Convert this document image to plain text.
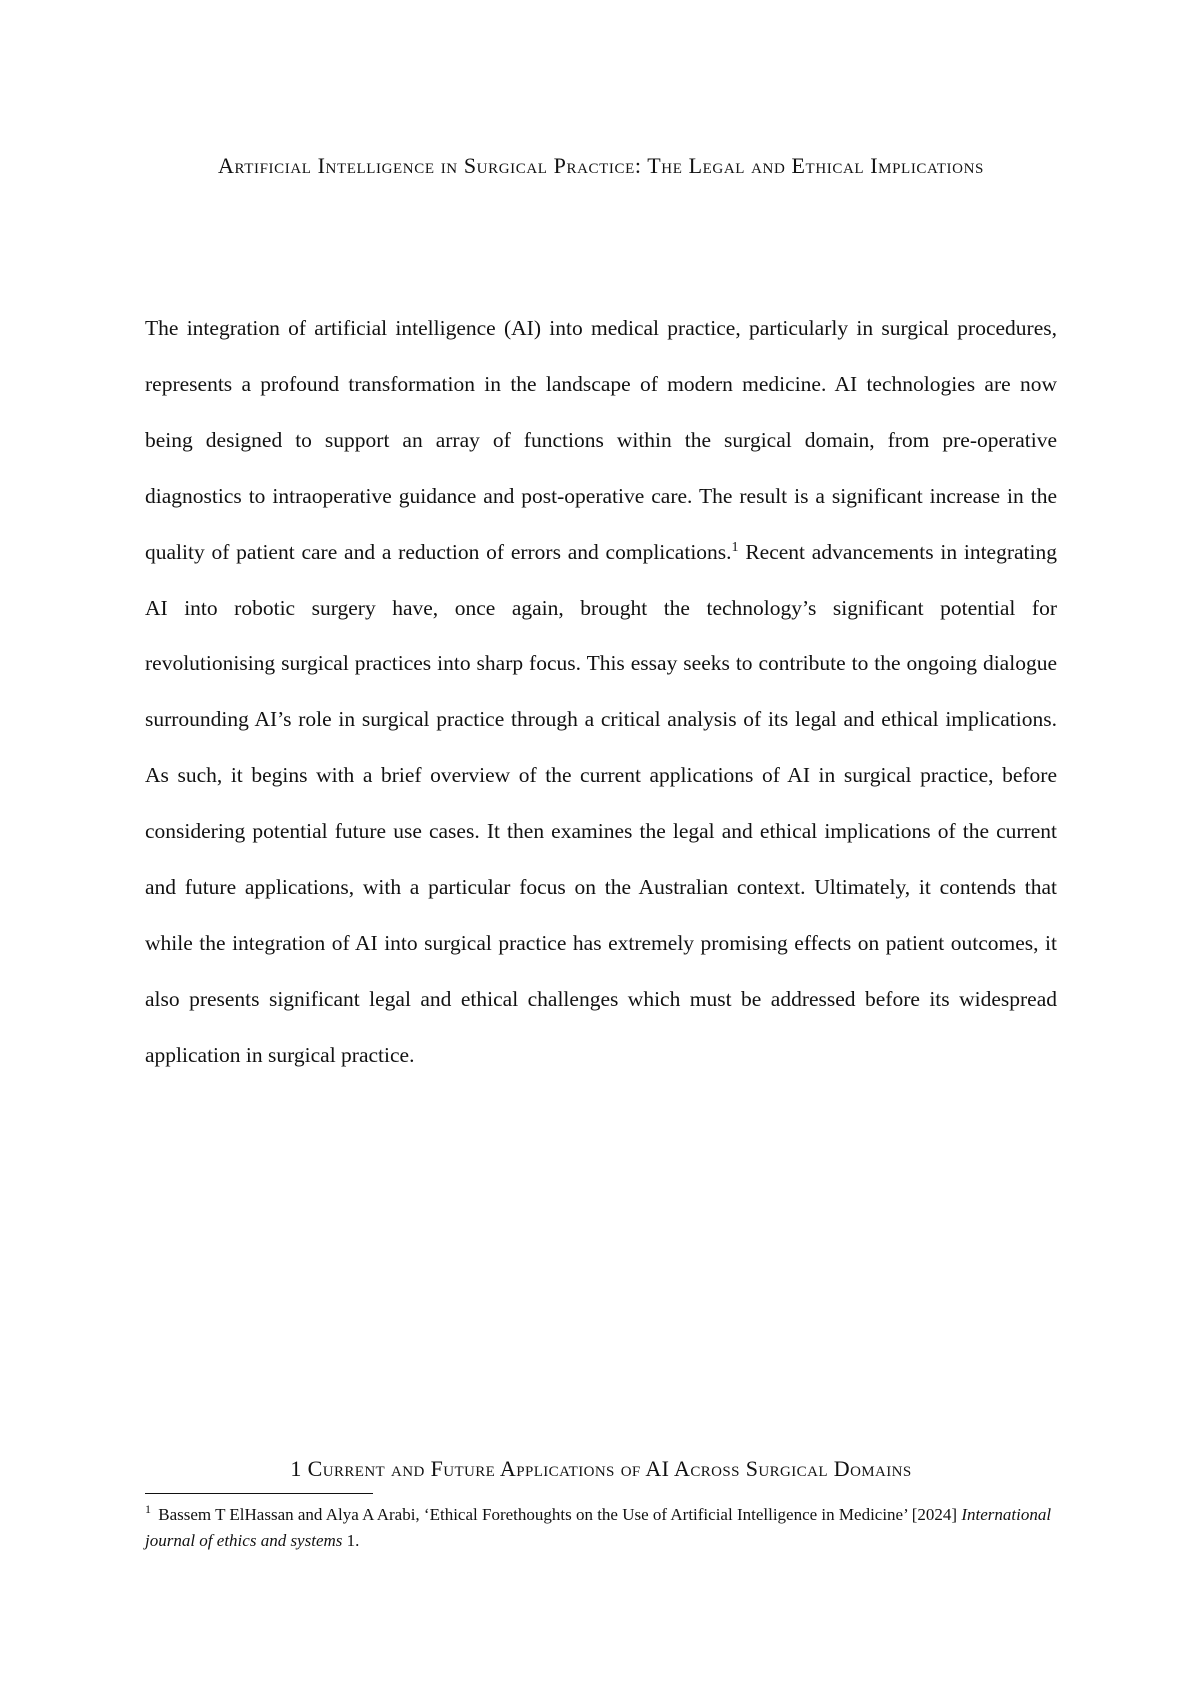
Artificial Intelligence in Surgical Practice: The Legal and Ethical Implications

The integration of artificial intelligence (AI) into medical practice, particularly in surgical procedures, represents a profound transformation in the landscape of modern medicine. AI technologies are now being designed to support an array of functions within the surgical domain, from pre-operative diagnostics to intraoperative guidance and post-operative care. The result is a significant increase in the quality of patient care and a reduction of errors and complications.$^1$ Recent advancements in integrating AI into robotic surgery have, once again, brought the technology’s significant potential for revolutionising surgical practices into sharp focus. This essay seeks to contribute to the ongoing dialogue surrounding AI’s role in surgical practice through a critical analysis of its legal and ethical implications. As such, it begins with a brief overview of the current applications of AI in surgical practice, before considering potential future use cases. It then examines the legal and ethical implications of the current and future applications, with a particular focus on the Australian context. Ultimately, it contends that while the integration of AI into surgical practice has extremely promising effects on patient outcomes, it also presents significant legal and ethical challenges which must be addressed before its widespread application in surgical practice.

1 Current and Future Applications of AI Across Surgical Domains

$^1$ Bassem T ElHassan and Alya A Arabi, ‘Ethical Forethoughts on the Use of Artificial Intelligence in Medicine’ [2024] International journal of ethics and systems 1.
